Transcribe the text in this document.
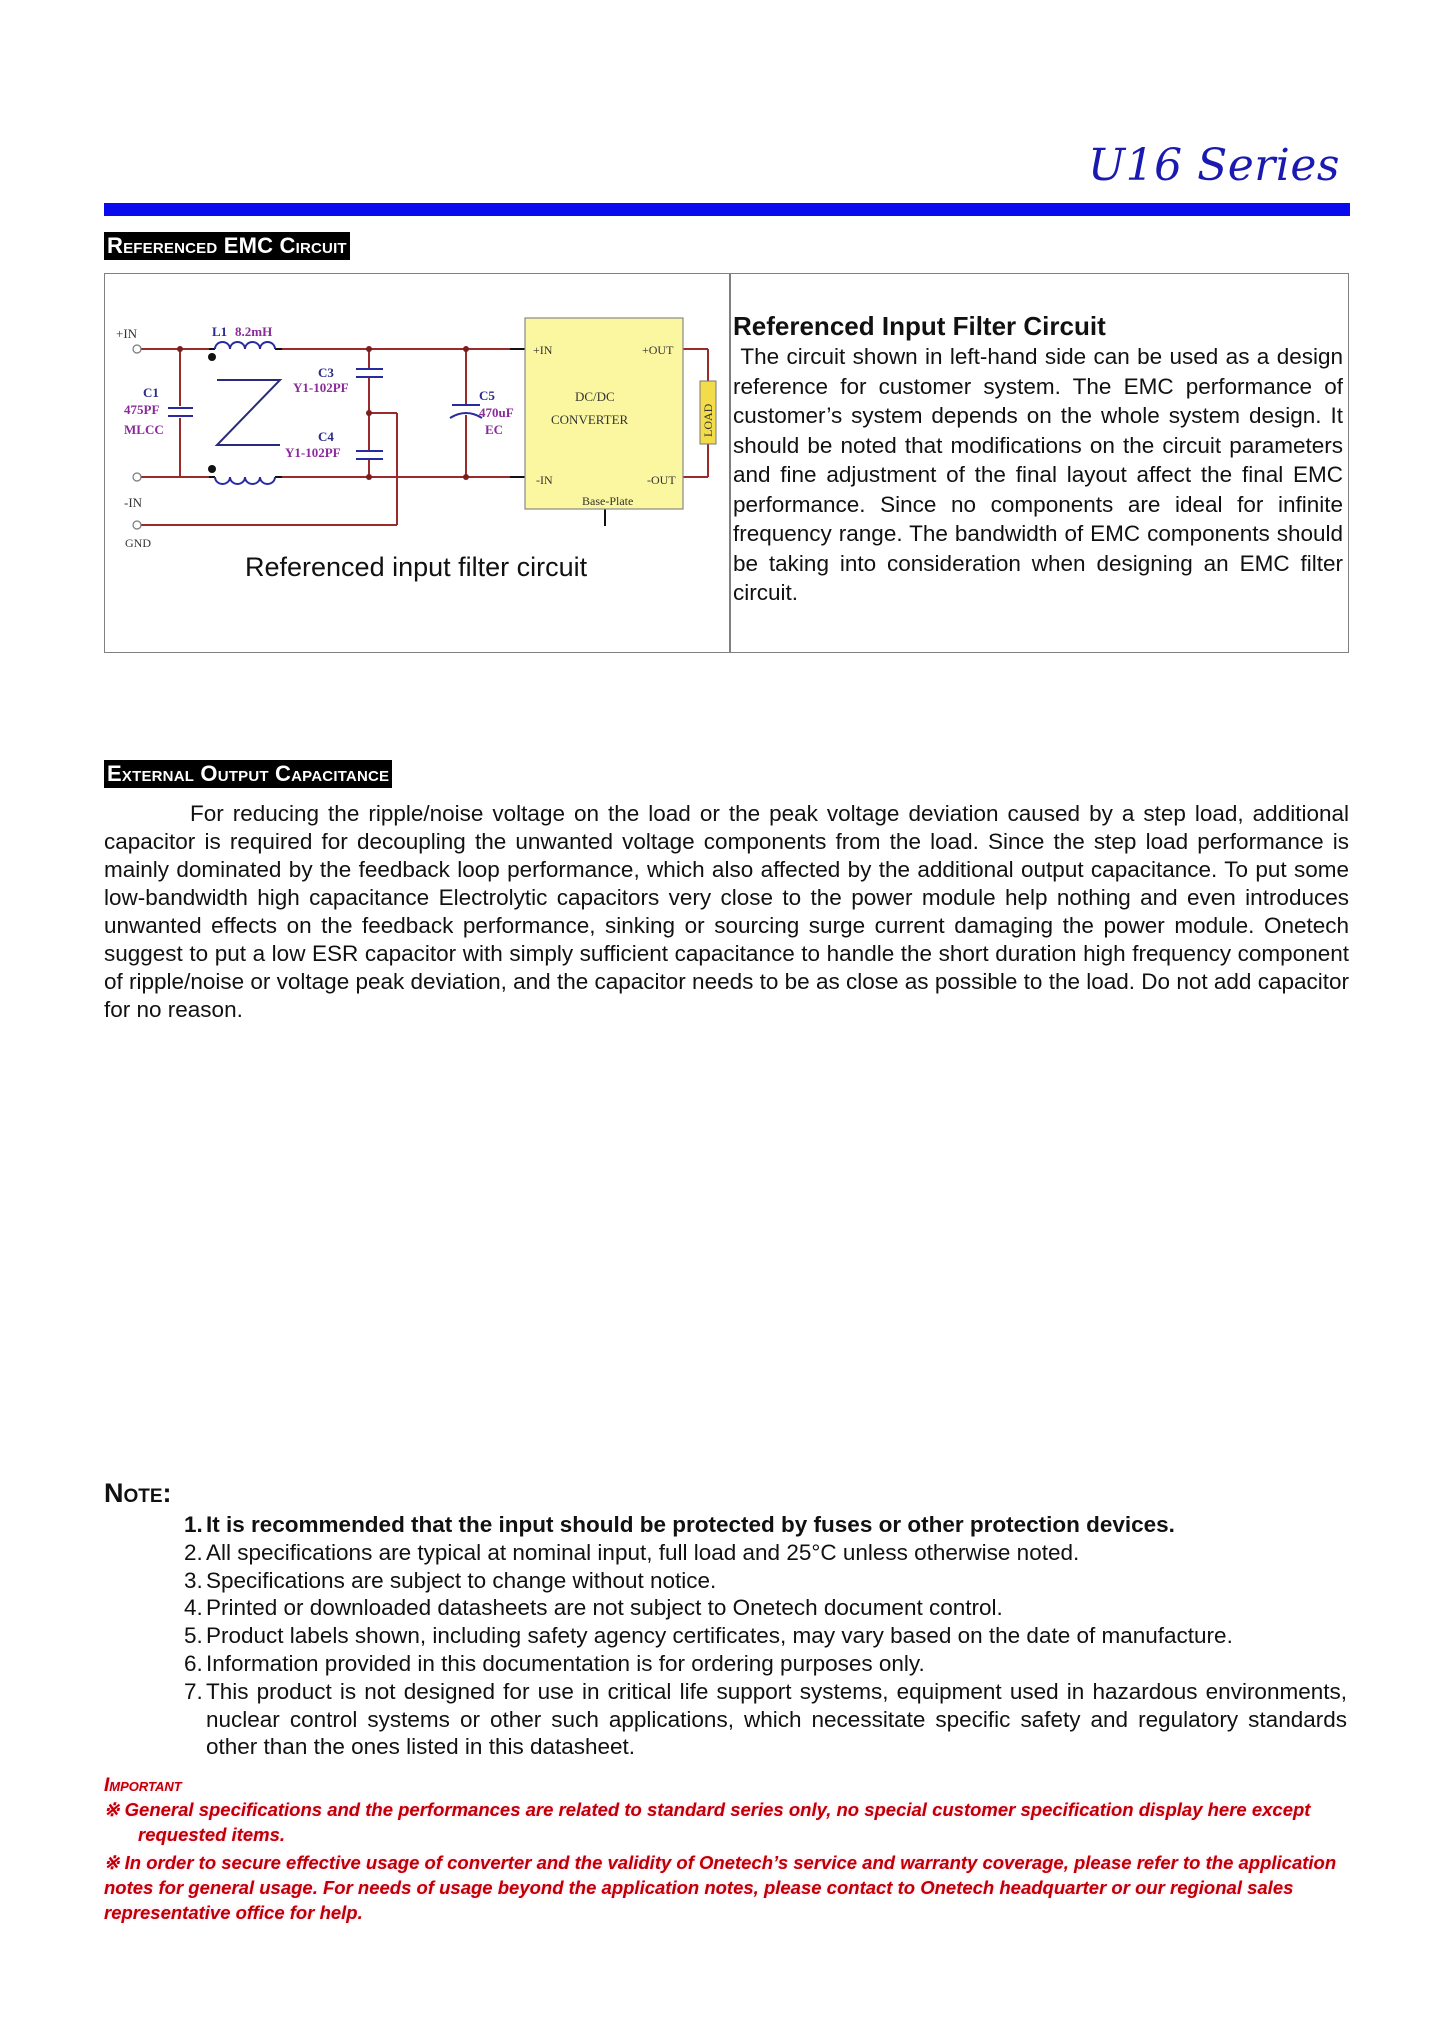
U16 Series
Referenced EMC Circuit
+IN
-IN
GND
+IN	+OUT
-IN	-OUT
DC/DC
CONVERTER
Base-Plate
LOAD
L1 8.2mH
C1
475PF
MLCC
C3
Y1-102PF
C4
Y1-102PF
C5
470uF
EC
Referenced input filter circuit
Referenced Input Filter Circuit
The circuit shown in left-hand side can be used as a design reference for customer system. The EMC performance of customer’s system depends on the whole system design. It should be noted that modifications on the circuit parameters and fine adjustment of the final layout affect the final EMC performance. Since no components are ideal for infinite frequency range. The bandwidth of EMC components should be taking into consideration when designing an EMC filter circuit.
External Output Capacitance
For reducing the ripple/noise voltage on the load or the peak voltage deviation caused by a step load, additional capacitor is required for decoupling the unwanted voltage components from the load. Since the step load performance is mainly dominated by the feedback loop performance, which also affected by the additional output capacitance. To put some low-bandwidth high capacitance Electrolytic capacitors very close to the power module help nothing and even introduces unwanted effects on the feedback performance, sinking or sourcing surge current damaging the power module. Onetech suggest to put a low ESR capacitor with simply sufficient capacitance to handle the short duration high frequency component of ripple/noise or voltage peak deviation, and the capacitor needs to be as close as possible to the load. Do not add capacitor for no reason.
Note:
1. It is recommended that the input should be protected by fuses or other protection devices.
2. All specifications are typical at nominal input, full load and 25°C unless otherwise noted.
3. Specifications are subject to change without notice.
4. Printed or downloaded datasheets are not subject to Onetech document control.
5. Product labels shown, including safety agency certificates, may vary based on the date of manufacture.
6. Information provided in this documentation is for ordering purposes only.
7. This product is not designed for use in critical life support systems, equipment used in hazardous environments, nuclear control systems or other such applications, which necessitate specific safety and regulatory standards other than the ones listed in this datasheet.
Important
※ General specifications and the performances are related to standard series only, no special customer specification display here except
requested items.
※ In order to secure effective usage of converter and the validity of Onetech’s service and warranty coverage, please refer to the application notes for general usage. For needs of usage beyond the application notes, please contact to Onetech headquarter or our regional sales representative office for help.
